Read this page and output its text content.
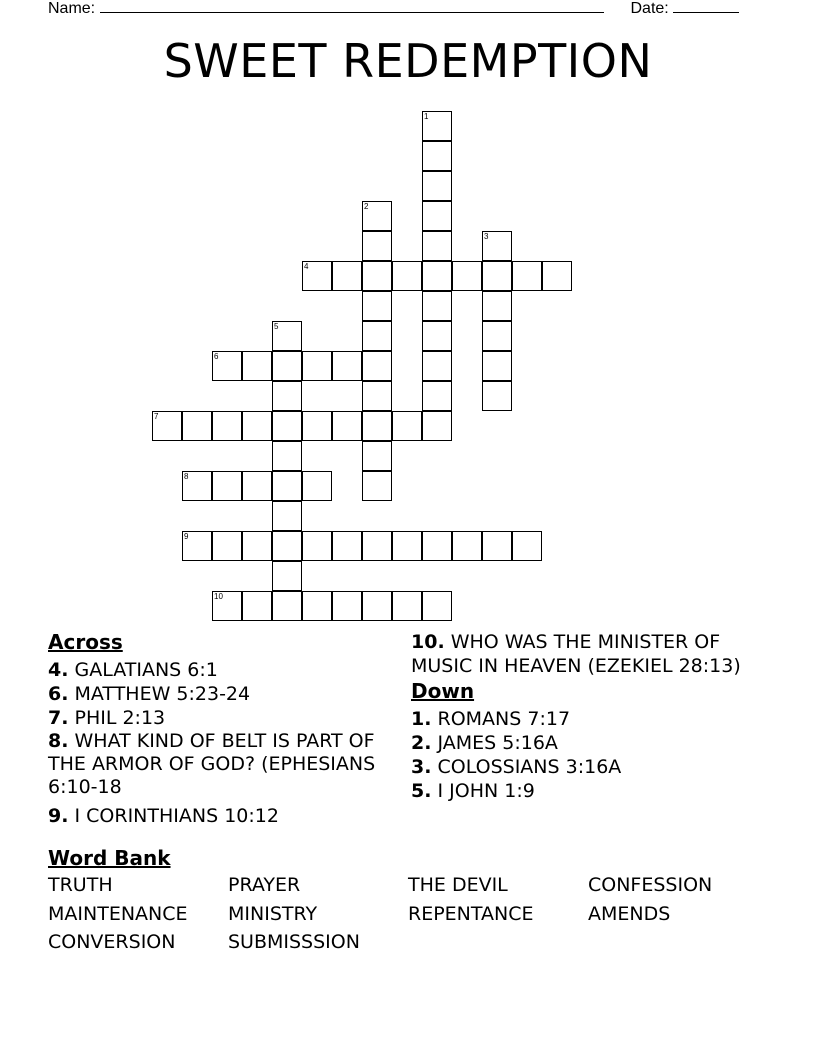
Name:	Date:
SWEET REDEMPTION
1
2
3
4
5
6
7
8
9
10
Across

4. GALATIANS 6:1

6. MATTHEW 5:23-24

7. PHIL 2:13

8. WHAT KIND OF BELT IS PART OF THE ARMOR OF GOD? (EPHESIANS 6:10-18

9. I CORINTHIANS 10:12

10. WHO WAS THE MINISTER OF MUSIC IN HEAVEN (EZEKIEL 28:13)

Down

1. ROMANS 7:17

2. JAMES 5:16A

3. COLOSSIANS 3:16A

5. I JOHN 1:9

Word Bank
TRUTH	PRAYER	THE DEVIL	CONFESSION
MAINTENANCE MINISTRY	REPENTANCE	AMENDS
CONVERSION	SUBMISSSION
